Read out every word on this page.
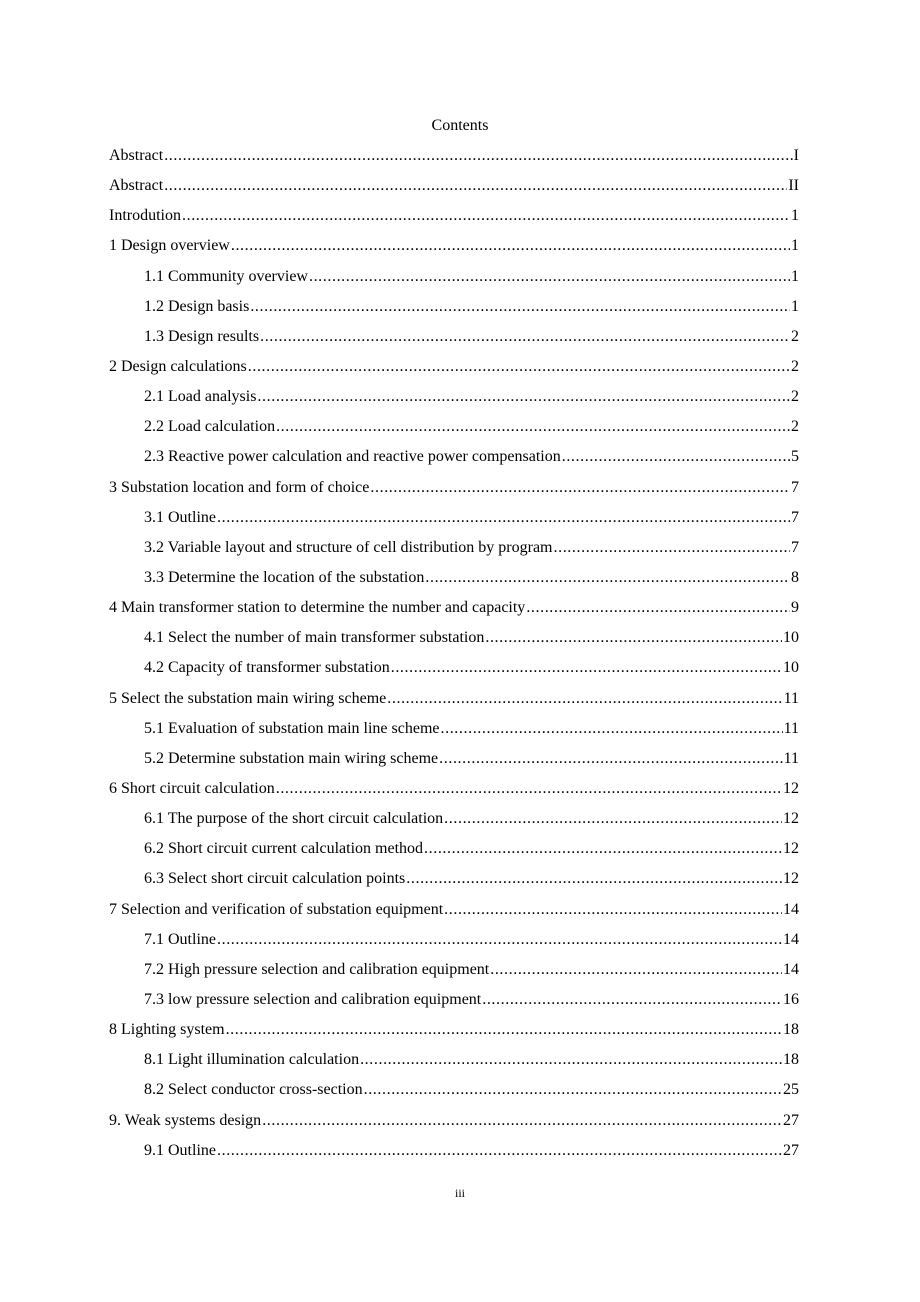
Contents
Abstract .....	I
Abstract .....	II
Introdution .....	1
1 Design overview .....	1
1.1 Community overview .....	1
1.2 Design basis .....	1
1.3 Design results .....	2
2 Design calculations .....	2
2.1 Load analysis .....	2
2.2 Load calculation .....	2
2.3 Reactive power calculation and reactive power compensation .....	5
3 Substation location and form of choice .....	7
3.1 Outline .....	7
3.2 Variable layout and structure of cell distribution by program .....	7
3.3 Determine the location of the substation .....	8
4 Main transformer station to determine the number and capacity .....	9
4.1 Select the number of main transformer substation .....	10
4.2 Capacity of transformer substation .....	10
5 Select the substation main wiring scheme .....	11
5.1 Evaluation of substation main line scheme .....	11
5.2 Determine substation main wiring scheme .....	11
6 Short circuit calculation .....	12
6.1 The purpose of the short circuit calculation .....	12
6.2 Short circuit current calculation method .....	12
6.3 Select short circuit calculation points .....	12
7 Selection and verification of substation equipment .....	14
7.1 Outline .....	14
7.2 High pressure selection and calibration equipment .....	14
7.3 low pressure selection and calibration equipment .....	16
8 Lighting system .....	18
8.1 Light illumination calculation .....	18
8.2 Select conductor cross-section .....	25
9. Weak systems design .....	27
9.1 Outline .....	27
iii
